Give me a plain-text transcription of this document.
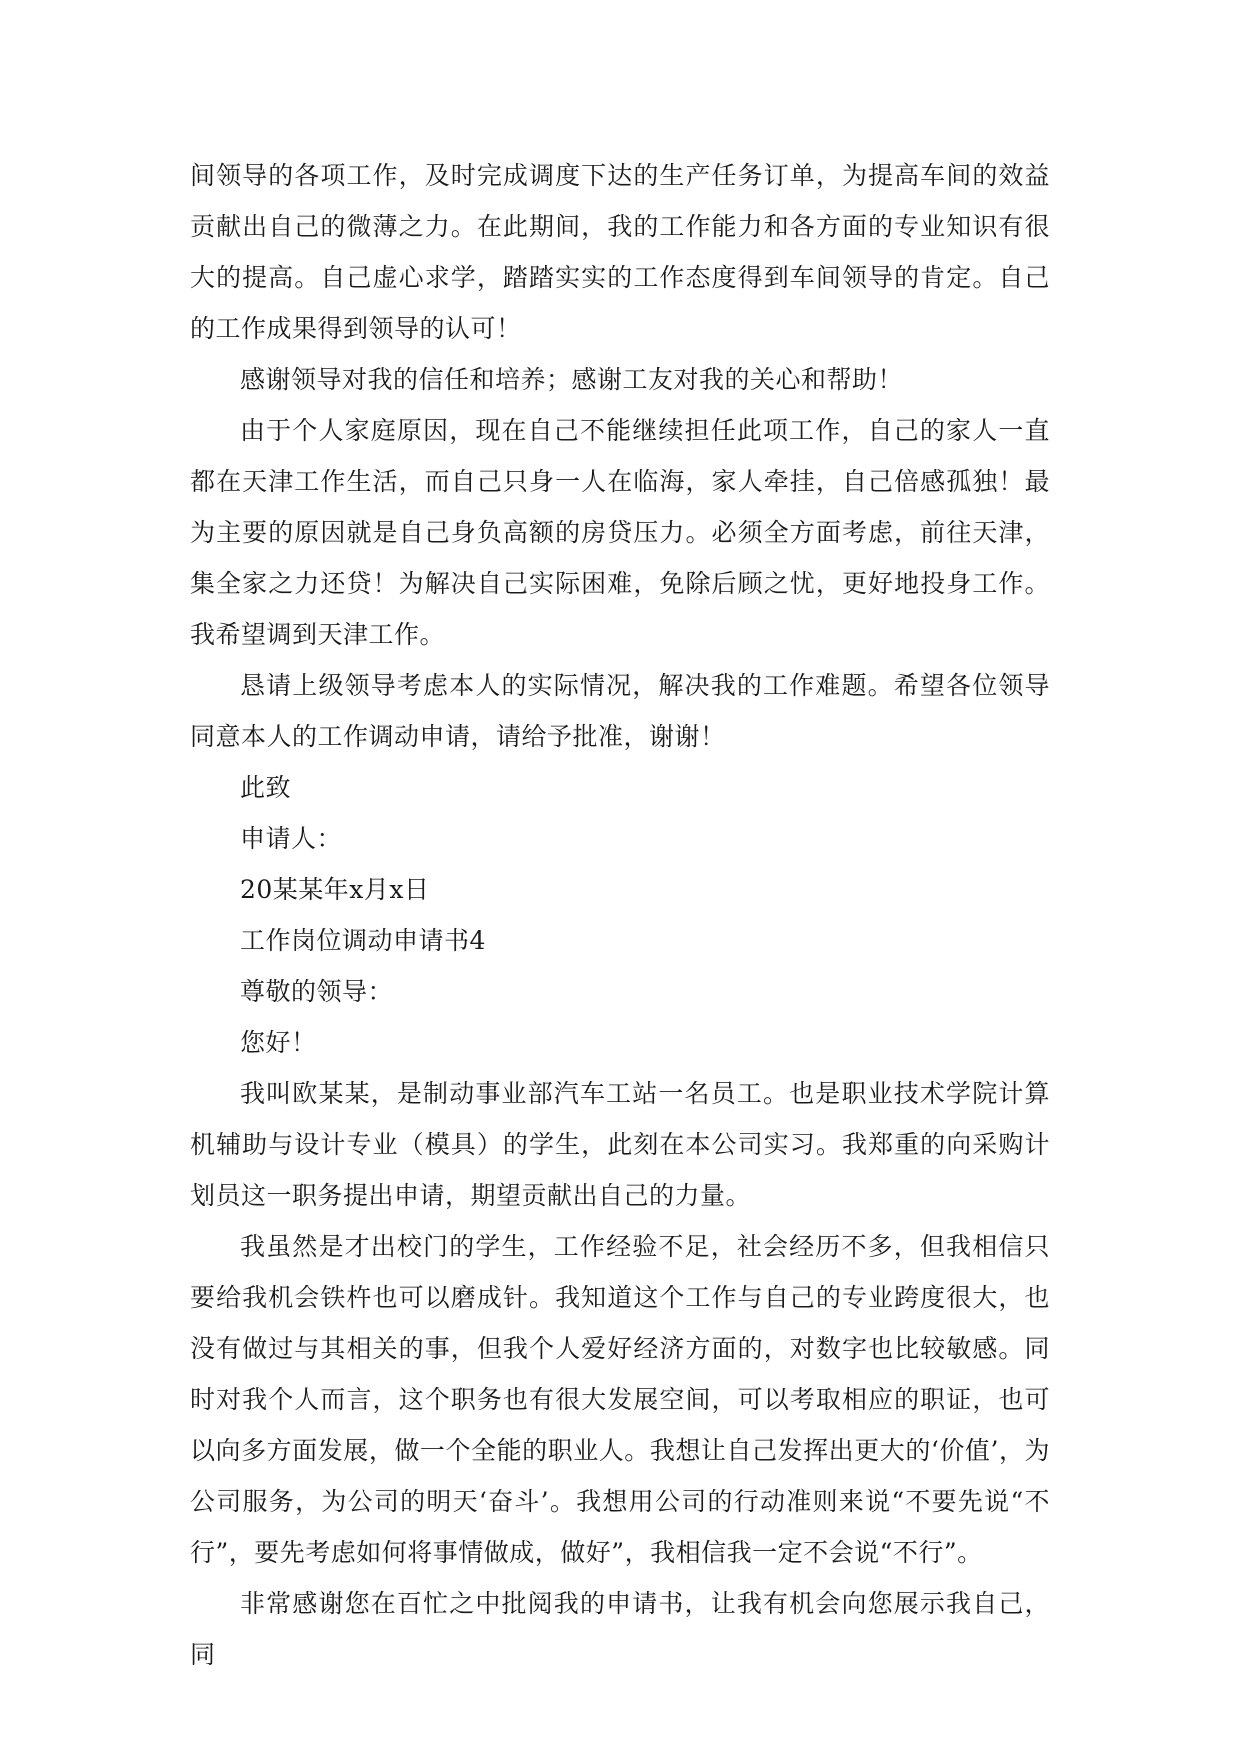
间领导的各项工作，及时完成调度下达的生产任务订单，为提高车间的效益贡献出自己的微薄之力。在此期间，我的工作能力和各方面的专业知识有很大的提高。自己虚心求学，踏踏实实的工作态度得到车间领导的肯定。自己的工作成果得到领导的认可！

感谢领导对我的信任和培养；感谢工友对我的关心和帮助！

由于个人家庭原因，现在自己不能继续担任此项工作，自己的家人一直都在天津工作生活，而自己只身一人在临海，家人牵挂，自己倍感孤独！最为主要的原因就是自己身负高额的房贷压力。必须全方面考虑，前往天津，集全家之力还贷！为解决自己实际困难，免除后顾之忧，更好地投身工作。我希望调到天津工作。

恳请上级领导考虑本人的实际情况，解决我的工作难题。希望各位领导同意本人的工作调动申请，请给予批准，谢谢！

此致

申请人：

20某某年x月x日

工作岗位调动申请书4

尊敬的领导：

您好！

我叫欧某某，是制动事业部汽车工站一名员工。也是职业技术学院计算机辅助与设计专业（模具）的学生，此刻在本公司实习。我郑重的向采购计划员这一职务提出申请，期望贡献出自己的力量。

我虽然是才出校门的学生，工作经验不足，社会经历不多，但我相信只要给我机会铁杵也可以磨成针。我知道这个工作与自己的专业跨度很大，也没有做过与其相关的事，但我个人爱好经济方面的，对数字也比较敏感。同时对我个人而言，这个职务也有很大发展空间，可以考取相应的职证，也可以向多方面发展，做一个全能的职业人。我想让自己发挥出更大的‘价值’，为公司服务，为公司的明天‘奋斗’。我想用公司的行动准则来说“不要先说“不行”，要先考虑如何将事情做成，做好”，我相信我一定不会说“不行”。

非常感谢您在百忙之中批阅我的申请书，让我有机会向您展示我自己，同
